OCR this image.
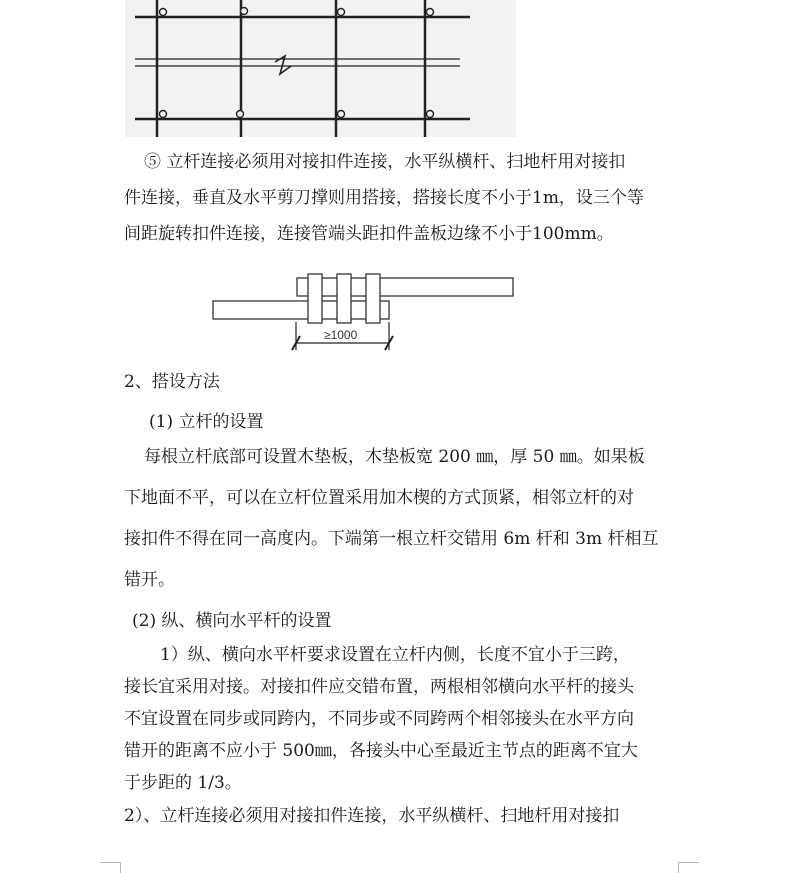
⑤ 立杆连接必须用对接扣件连接，水平纵横杆、扫地杆用对接扣
件连接，垂直及水平剪刀撑则用搭接，搭接长度不小于1m，设三个等
间距旋转扣件连接，连接管端头距扣件盖板边缘不小于100mm。
≥1000
2、搭设方法
(1) 立杆的设置
每根立杆底部可设置木垫板，木垫板宽 200 ㎜，厚 50 ㎜。如果板
下地面不平，可以在立杆位置采用加木楔的方式顶紧，相邻立杆的对
接扣件不得在同一高度内。下端第一根立杆交错用 6m 杆和 3m 杆相互
错开。
(2) 纵、横向水平杆的设置
1）纵、横向水平杆要求设置在立杆内侧，长度不宜小于三跨，
接长宜采用对接。对接扣件应交错布置，两根相邻横向水平杆的接头
不宜设置在同步或同跨内，不同步或不同跨两个相邻接头在水平方向
错开的距离不应小于 500㎜，各接头中心至最近主节点的距离不宜大
于步距的 1/3。
2）、立杆连接必须用对接扣件连接，水平纵横杆、扫地杆用对接扣
